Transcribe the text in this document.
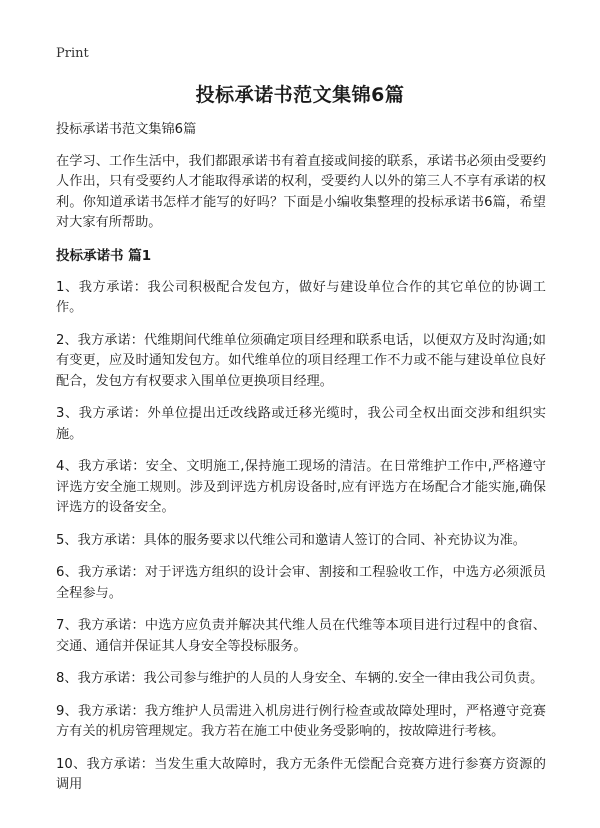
Print
投标承诺书范文集锦6篇
投标承诺书范文集锦6篇
在学习、工作生活中，我们都跟承诺书有着直接或间接的联系，承诺书必须由受要约人作出，只有受要约人才能取得承诺的权利，受要约人以外的第三人不享有承诺的权利。你知道承诺书怎样才能写的好吗？下面是小编收集整理的投标承诺书6篇，希望对大家有所帮助。
投标承诺书 篇1
1、我方承诺：我公司积极配合发包方，做好与建设单位合作的其它单位的协调工作。
2、我方承诺：代维期间代维单位须确定项目经理和联系电话，以便双方及时沟通;如有变更，应及时通知发包方。如代维单位的项目经理工作不力或不能与建设单位良好配合，发包方有权要求入围单位更换项目经理。
3、我方承诺：外单位提出迁改线路或迁移光缆时，我公司全权出面交涉和组织实施。
4、我方承诺：安全、文明施工,保持施工现场的清洁。在日常维护工作中,严格遵守评选方安全施工规则。涉及到评选方机房设备时,应有评选方在场配合才能实施,确保评选方的设备安全。
5、我方承诺：具体的服务要求以代维公司和邀请人签订的合同、补充协议为准。
6、我方承诺：对于评选方组织的设计会审、割接和工程验收工作，中选方必须派员全程参与。
7、我方承诺：中选方应负责并解决其代维人员在代维等本项目进行过程中的食宿、交通、通信并保证其人身安全等投标服务。
8、我方承诺：我公司参与维护的人员的人身安全、车辆的.安全一律由我公司负责。
9、我方承诺：我方维护人员需进入机房进行例行检查或故障处理时，严格遵守竞赛方有关的机房管理规定。我方若在施工中使业务受影响的，按故障进行考核。
10、我方承诺：当发生重大故障时，我方无条件无偿配合竞赛方进行参赛方资源的调用
